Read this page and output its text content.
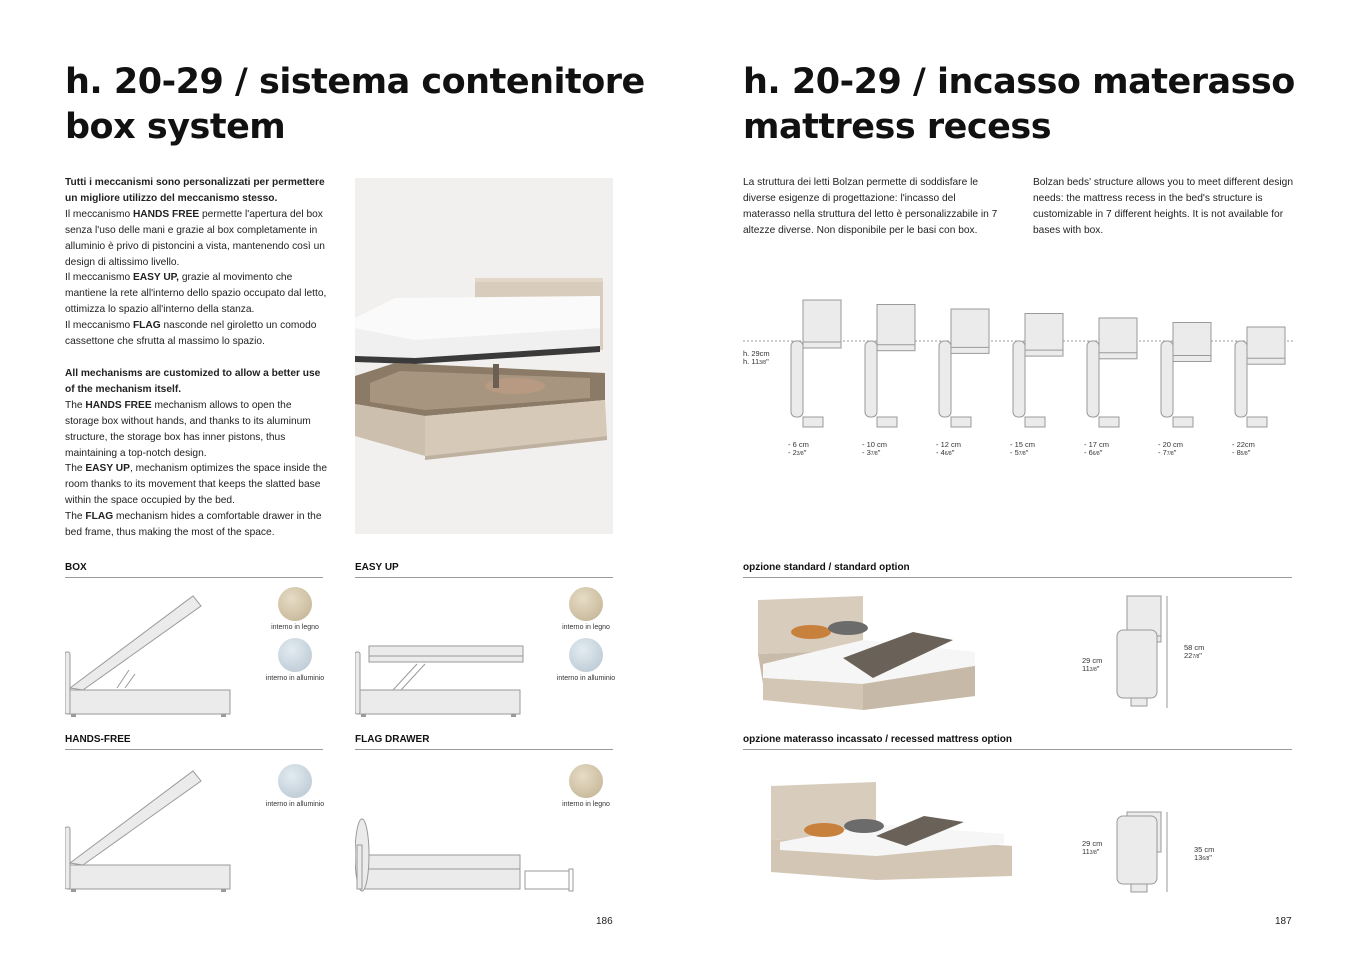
h. 20-29 / sistema contenitore
box system

Tutti i meccanismi sono personalizzati per permettere un migliore utilizzo del meccanismo stesso.

Il meccanismo HANDS FREE permette l'apertura del box senza l'uso delle mani e grazie al box completamente in alluminio è privo di pistoncini a vista, mantenendo così un design di altissimo livello.

Il meccanismo EASY UP, grazie al movimento che mantiene la rete all'interno dello spazio occupato dal letto, ottimizza lo spazio all'interno della stanza.

Il meccanismo FLAG nasconde nel giroletto un comodo cassettone che sfrutta al massimo lo spazio.

All mechanisms are customized to allow a better use of the mechanism itself.

The HANDS FREE mechanism allows to open the storage box without hands, and thanks to its aluminum structure, the storage box has inner pistons, thus maintaining a top-notch design.

The EASY UP, mechanism optimizes the space inside the room thanks to its movement that keeps the slatted base within the space occupied by the bed.

The FLAG mechanism hides a comfortable drawer in the bed frame, thus making the most of the space.

BOX
interno in legno
interno in alluminio
EASY UP
interno in legno
interno in alluminio
HANDS-FREE
interno in alluminio
FLAG DRAWER
interno in legno
186
h. 20-29 / incasso materasso
mattress recess
La struttura dei letti Bolzan permette di soddisfare le diverse esigenze di progettazione: l'incasso del materasso nella struttura del letto è personalizzabile in 7 altezze diverse. Non disponibile per le basi con box.
Bolzan beds' structure allows you to meet different design needs: the mattress recess in the bed's structure is customizable in 7 different heights. It is not available for bases with box.
h. 29cm
h. 113/8"
- 6 cm
- 23/8"
- 10 cm
- 37/8"
- 12 cm
- 46/8"
- 15 cm
- 57/8"
- 17 cm
- 66/8"
- 20 cm
- 77/8"
- 22cm
- 85/8"
opzione standard / standard option
29 cm
113/8"
58 cm
227/8"
opzione materasso incassato / recessed mattress option
29 cm
113/8"	35 cm
136/8"
187
